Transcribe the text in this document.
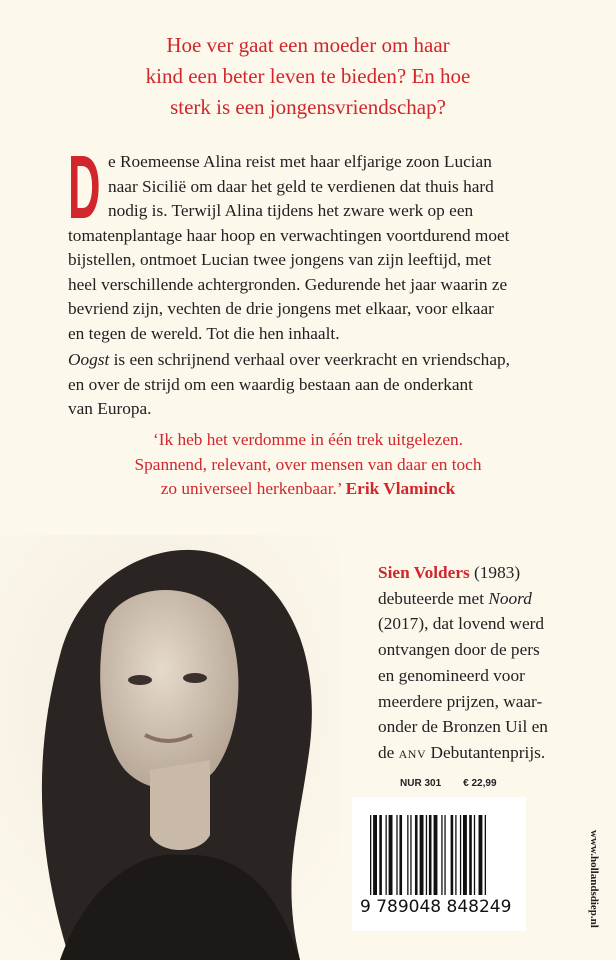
Hoe ver gaat een moeder om haar
kind een beter leven te bieden? En hoe
sterk is een jongensvriendschap?
D e Roemeense Alina reist met haar elfjarige zoon Lucian
naar Sicilië om daar het geld te verdienen dat thuis hard
nodig is. Terwijl Alina tijdens het zware werk op een
tomatenplantage haar hoop en verwachtingen voortdurend moet
bijstellen, ontmoet Lucian twee jongens van zijn leeftijd, met
heel verschillende achtergronden. Gedurende het jaar waarin ze
bevriend zijn, vechten de drie jongens met elkaar, voor elkaar
en tegen de wereld. Tot die hen inhaalt.
Oogst is een schrijnend verhaal over veerkracht en vriendschap,
en over de strijd om een waardig bestaan aan de onderkant
van Europa.
‘Ik heb het verdomme in één trek uitgelezen.
Spannend, relevant, over mensen van daar en toch
zo universeel herkenbaar.’ Erik Vlaminck
Sien Volders (1983)
debuteerde met Noord
(2017), dat lovend werd
ontvangen door de pers
en genomineerd voor
meerdere prijzen, waar-
onder de Bronzen Uil en
de ANV Debutantenprijs.
NUR 301 € 22,99
9 789048 848249	www.hollandsdiep.nl
